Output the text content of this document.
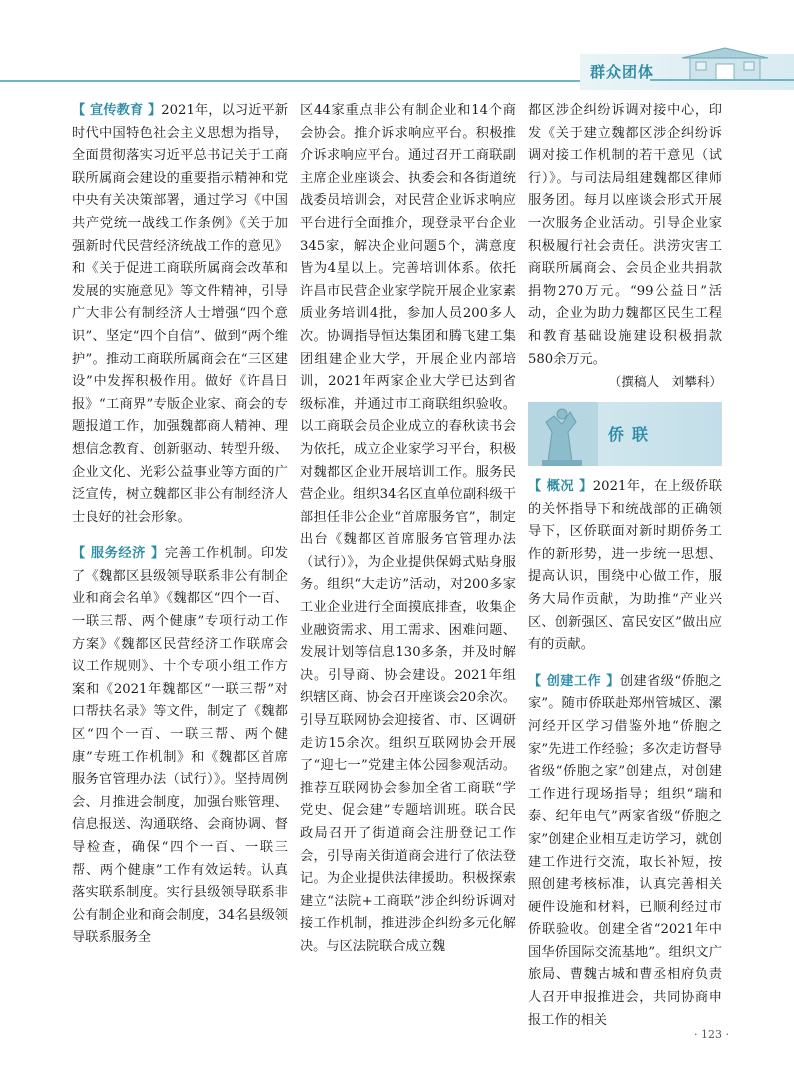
群众团体

【 宣传教育 】2021年，以习近平新时代中国特色社会主义思想为指导，全面贯彻落实习近平总书记关于工商联所属商会建设的重要指示精神和党中央有关决策部署，通过学习《中国共产党统一战线工作条例》《关于加强新时代民营经济统战工作的意见》和《关于促进工商联所属商会改革和发展的实施意见》等文件精神，引导广大非公有制经济人士增强“四个意识”、坚定“四个自信”、做到“两个维护”。推动工商联所属商会在“三区建设”中发挥积极作用。做好《许昌日报》“工商界”专版企业家、商会的专题报道工作，加强魏都商人精神、理想信念教育、创新驱动、转型升级、企业文化、光彩公益事业等方面的广泛宣传，树立魏都区非公有制经济人士良好的社会形象。

【 服务经济 】完善工作机制。印发了《魏都区县级领导联系非公有制企业和商会名单》《魏都区“四个一百、一联三帮、两个健康”专项行动工作方案》《魏都区民营经济工作联席会议工作规则》、十个专项小组工作方案和《2021年魏都区“一联三帮”对口帮扶名录》等文件，制定了《魏都区“四个一百、一联三帮、两个健康”专班工作机制》和《魏都区首席服务官管理办法（试行）》。坚持周例会、月推进会制度，加强台账管理、信息报送、沟通联络、会商协调、督导检查，确保“四个一百、一联三帮、两个健康”工作有效运转。认真落实联系制度。实行县级领导联系非公有制企业和商会制度，34名县级领导联系服务全

区44家重点非公有制企业和14个商会协会。推介诉求响应平台。积极推介诉求响应平台。通过召开工商联副主席企业座谈会、执委会和各街道统战委员培训会，对民营企业诉求响应平台进行全面推介，现登录平台企业345家，解决企业问题5个，满意度皆为4星以上。完善培训体系。依托许昌市民营企业家学院开展企业家素质业务培训4批，参加人员200多人次。协调指导恒达集团和腾飞建工集团组建企业大学，开展企业内部培训，2021年两家企业大学已达到省级标准，并通过市工商联组织验收。以工商联会员企业成立的春秋读书会为依托，成立企业家学习平台，积极对魏都区企业开展培训工作。服务民营企业。组织34名区直单位副科级干部担任非公企业“首席服务官”，制定出台《魏都区首席服务官管理办法（试行）》，为企业提供保姆式贴身服务。组织“大走访”活动，对200多家工业企业进行全面摸底排查，收集企业融资需求、用工需求、困难问题、发展计划等信息130多条，并及时解决。引导商、协会建设。2021年组织辖区商、协会召开座谈会20余次。引导互联网协会迎接省、市、区调研走访15余次。组织互联网协会开展了“迎七一”党建主体公园参观活动。推荐互联网协会参加全省工商联“学党史、促会建”专题培训班。联合民政局召开了街道商会注册登记工作会，引导南关街道商会进行了依法登记。为企业提供法律援助。积极探索建立“法院+工商联”涉企纠纷诉调对接工作机制，推进涉企纠纷多元化解决。与区法院联合成立魏

都区涉企纠纷诉调对接中心，印发《关于建立魏都区涉企纠纷诉调对接工作机制的若干意见（试行）》。与司法局组建魏都区律师服务团。每月以座谈会形式开展一次服务企业活动。引导企业家积极履行社会责任。洪涝灾害工商联所属商会、会员企业共捐款捐物270万元。“99公益日”活动，企业为助力魏都区民生工程和教育基础设施建设积极捐款580余万元。

（撰稿人　刘攀科）

侨联

【 概况 】2021年，在上级侨联的关怀指导下和统战部的正确领导下，区侨联面对新时期侨务工作的新形势，进一步统一思想、提高认识，围绕中心做工作，服务大局作贡献，为助推“产业兴区、创新强区、富民安区”做出应有的贡献。

【 创建工作 】创建省级“侨胞之家”。随市侨联赴郑州管城区、漯河经开区学习借鉴外地“侨胞之家”先进工作经验；多次走访督导省级“侨胞之家”创建点，对创建工作进行现场指导；组织“瑞和泰、纪年电气”两家省级“侨胞之家”创建企业相互走访学习，就创建工作进行交流，取长补短，按照创建考核标准，认真完善相关硬件设施和材料，已顺利经过市侨联验收。创建全省“2021年中国华侨国际交流基地”。组织文广旅局、曹魏古城和曹丞相府负责人召开申报推进会，共同协商申报工作的相关

· 123 ·
